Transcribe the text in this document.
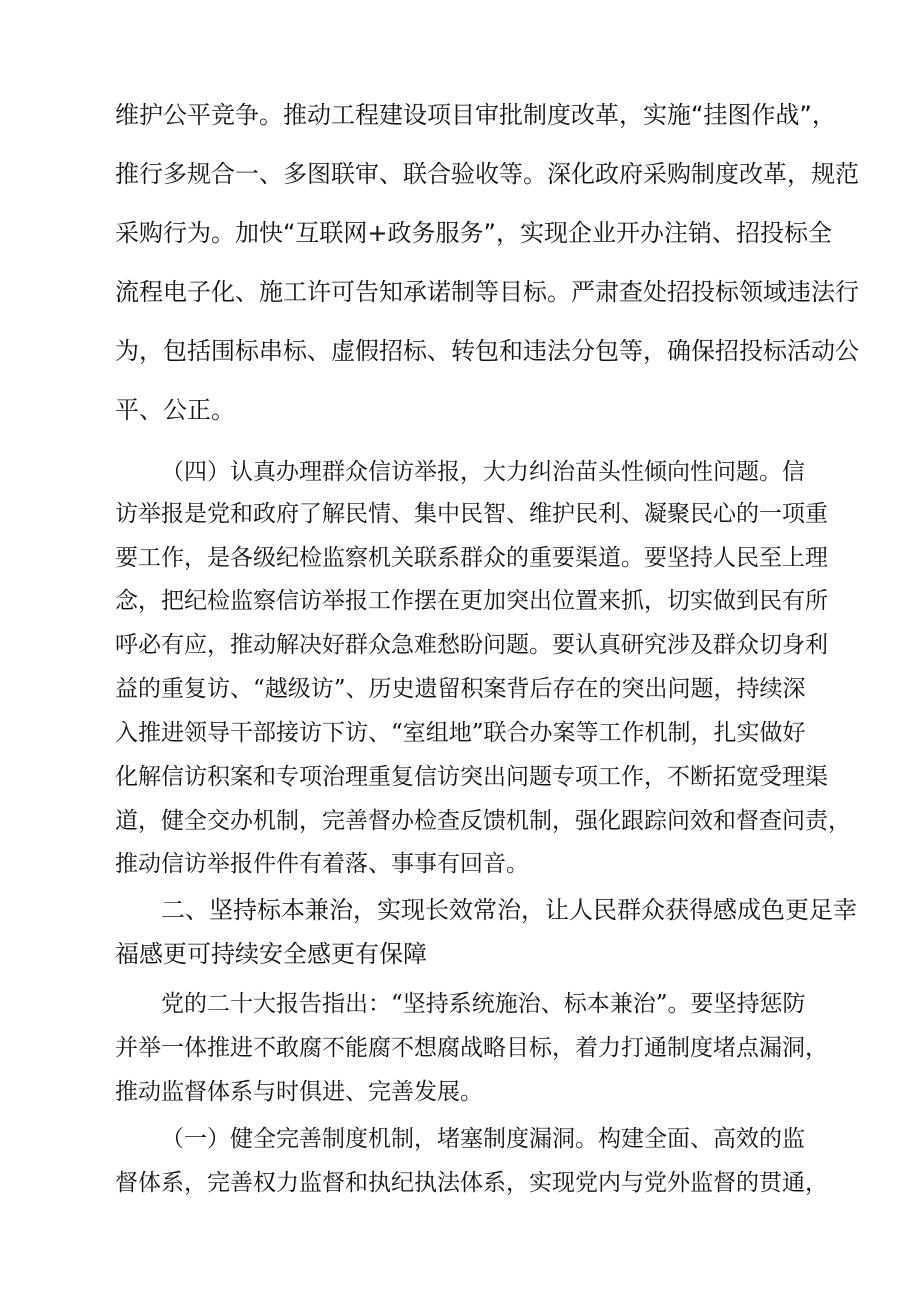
维护公平竞争。推动工程建设项目审批制度改革，实施“挂图作战”，
推行多规合一、多图联审、联合验收等。深化政府采购制度改革，规范
采购行为。加快“互联网+政务服务”，实现企业开办注销、招投标全
流程电子化、施工许可告知承诺制等目标。严肃查处招投标领域违法行
为，包括围标串标、虚假招标、转包和违法分包等，确保招投标活动公
平、公正。
（四）认真办理群众信访举报，大力纠治苗头性倾向性问题。信
访举报是党和政府了解民情、集中民智、维护民利、凝聚民心的一项重
要工作，是各级纪检监察机关联系群众的重要渠道。要坚持人民至上理
念，把纪检监察信访举报工作摆在更加突出位置来抓，切实做到民有所
呼必有应，推动解决好群众急难愁盼问题。要认真研究涉及群众切身利
益的重复访、“越级访”、历史遗留积案背后存在的突出问题，持续深
入推进领导干部接访下访、“室组地”联合办案等工作机制，扎实做好
化解信访积案和专项治理重复信访突出问题专项工作，不断拓宽受理渠
道，健全交办机制，完善督办检查反馈机制，强化跟踪问效和督查问责，
推动信访举报件件有着落、事事有回音。
二、坚持标本兼治，实现长效常治，让人民群众获得感成色更足幸
福感更可持续安全感更有保障
党的二十大报告指出：“坚持系统施治、标本兼治”。要坚持惩防
并举一体推进不敢腐不能腐不想腐战略目标，着力打通制度堵点漏洞，
推动监督体系与时俱进、完善发展。
（一）健全完善制度机制，堵塞制度漏洞。构建全面、高效的监
督体系，完善权力监督和执纪执法体系，实现党内与党外监督的贯通，
